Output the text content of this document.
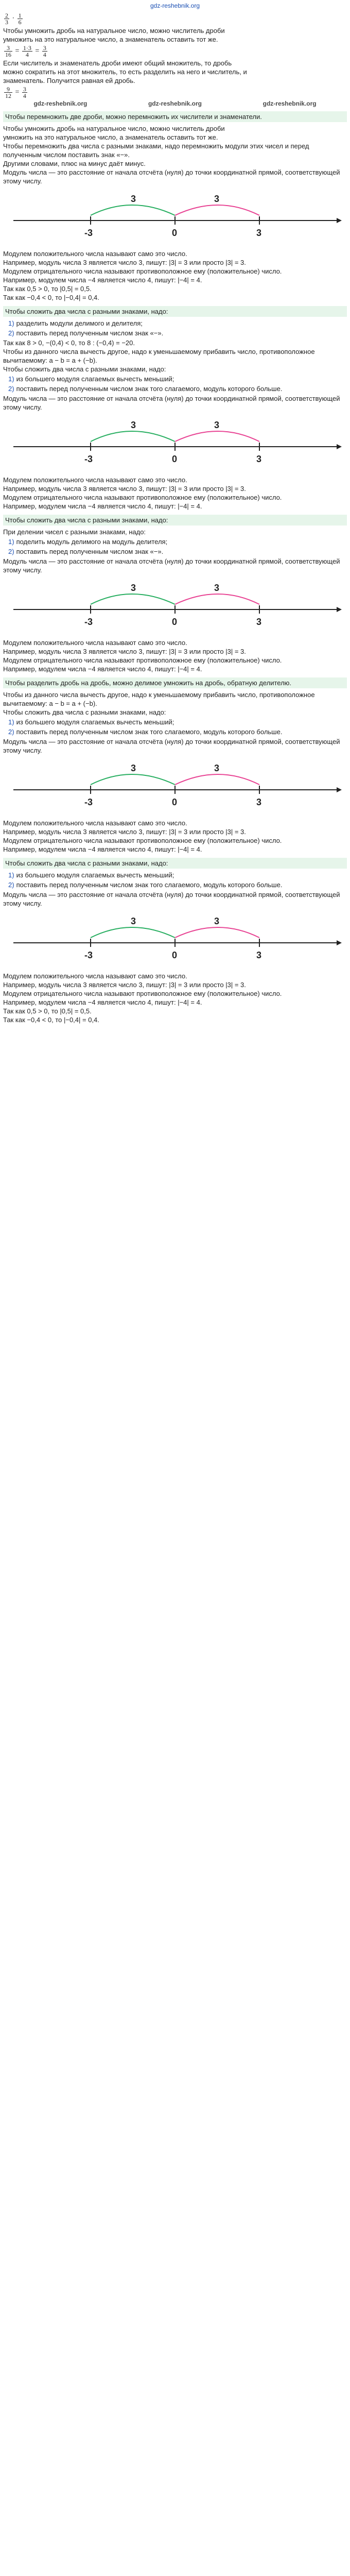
gdz-reshebnik.org
$\frac{2}{3} \cdot \frac{1}{6}$

Чтобы умножить дробь на натуральное число, можно числитель дроби

умножить на это натуральное число, а знаменатель оставить тот же.

$\frac{3}{16} = \frac{1\cdot 3}{4} = \frac{3}{4}$

Если числитель и знаменатель дроби имеют общий множитель, то дробь

можно сократить на этот множитель, то есть разделить на него и числитель, и

знаменатель. Получится равная ей дробь.

$\frac{9}{12} = \frac{3}{4}$
gdz-reshebnik.org	gdz-reshebnik.org	gdz-reshebnik.org
Чтобы перемножить две дроби, можно перемножить их числители и знаменатели.

Чтобы умножить дробь на натуральное число, можно числитель дроби

умножить на это натуральное число, а знаменатель оставить тот же.

Чтобы перемножить два числа с разными знаками, надо перемножить модули этих чисел и перед полученным числом поставить знак «−».

Другими словами, плюс на минус даёт минус.

Модуль числа — это расстояние от начала отсчёта (нуля) до точки координатной прямой, соответствующей этому числу.

3	3
-3	0	3

Модулем положительного числа называют само это число.

Например, модуль числа 3 является число 3, пишут: |3| = 3 или просто |3| = 3.

Модулем отрицательного числа называют противоположное ему (положительное) число.

Например, модулем числа −4 является число 4, пишут: |−4| = 4.

Так как 0,5 > 0, то |0,5| = 0,5.

Так как −0,4 < 0, то |−0,4| = 0,4.

Чтобы сложить два числа с разными знаками, надо:
1) разделить модули делимого и делителя;
2) поставить перед полученным числом знак «−».

Так как 8 > 0, −(0,4) < 0, то 8 : (−0,4) = −20.

Чтобы из данного числа вычесть другое, надо к уменьшаемому прибавить число, противоположное вычитаемому: a − b = a + (−b).

Чтобы сложить два числа с разными знаками, надо:

1) из большего модуля слагаемых вычесть меньший;
2) поставить перед полученным числом знак того слагаемого, модуль которого больше.

Модуль числа — это расстояние от начала отсчёта (нуля) до точки координатной прямой, соответствующей этому числу.

3	3
-3	0	3

Модулем положительного числа называют само это число.

Например, модуль числа 3 является число 3, пишут: |3| = 3 или просто |3| = 3.

Модулем отрицательного числа называют противоположное ему (положительное) число.

Например, модулем числа −4 является число 4, пишут: |−4| = 4.

Чтобы сложить два числа с разными знаками, надо:

При делении чисел с разными знаками, надо:

1) поделить модуль делимого на модуль делителя;
2) поставить перед полученным числом знак «−».

Модуль числа — это расстояние от начала отсчёта (нуля) до точки координатной прямой, соответствующей этому числу.

3	3
-3	0	3

Модулем положительного числа называют само это число.

Например, модуль числа 3 является число 3, пишут: |3| = 3 или просто |3| = 3.

Модулем отрицательного числа называют противоположное ему (положительное) число.

Например, модулем числа −4 является число 4, пишут: |−4| = 4.

Чтобы разделить дробь на дробь, можно делимое умножить на дробь, обратную делителю.

Чтобы из данного числа вычесть другое, надо к уменьшаемому прибавить число, противоположное вычитаемому: a − b = a + (−b).

Чтобы сложить два числа с разными знаками, надо:

1) из большего модуля слагаемых вычесть меньший;
2) поставить перед полученным числом знак того слагаемого, модуль которого больше.

Модуль числа — это расстояние от начала отсчёта (нуля) до точки координатной прямой, соответствующей этому числу.

3	3
-3	0	3

Модулем положительного числа называют само это число.

Например, модуль числа 3 является число 3, пишут: |3| = 3 или просто |3| = 3.

Модулем отрицательного числа называют противоположное ему (положительное) число.

Например, модулем числа −4 является число 4, пишут: |−4| = 4.

Чтобы сложить два числа с разными знаками, надо:
1) из большего модуля слагаемых вычесть меньший;
2) поставить перед полученным числом знак того слагаемого, модуль которого больше.

Модуль числа — это расстояние от начала отсчёта (нуля) до точки координатной прямой, соответствующей этому числу.

3	3
-3	0	3

Модулем положительного числа называют само это число.

Например, модуль числа 3 является число 3, пишут: |3| = 3 или просто |3| = 3.

Модулем отрицательного числа называют противоположное ему (положительное) число.

Например, модулем числа −4 является число 4, пишут: |−4| = 4.

Так как 0,5 > 0, то |0,5| = 0,5.

Так как −0,4 < 0, то |−0,4| = 0,4.
